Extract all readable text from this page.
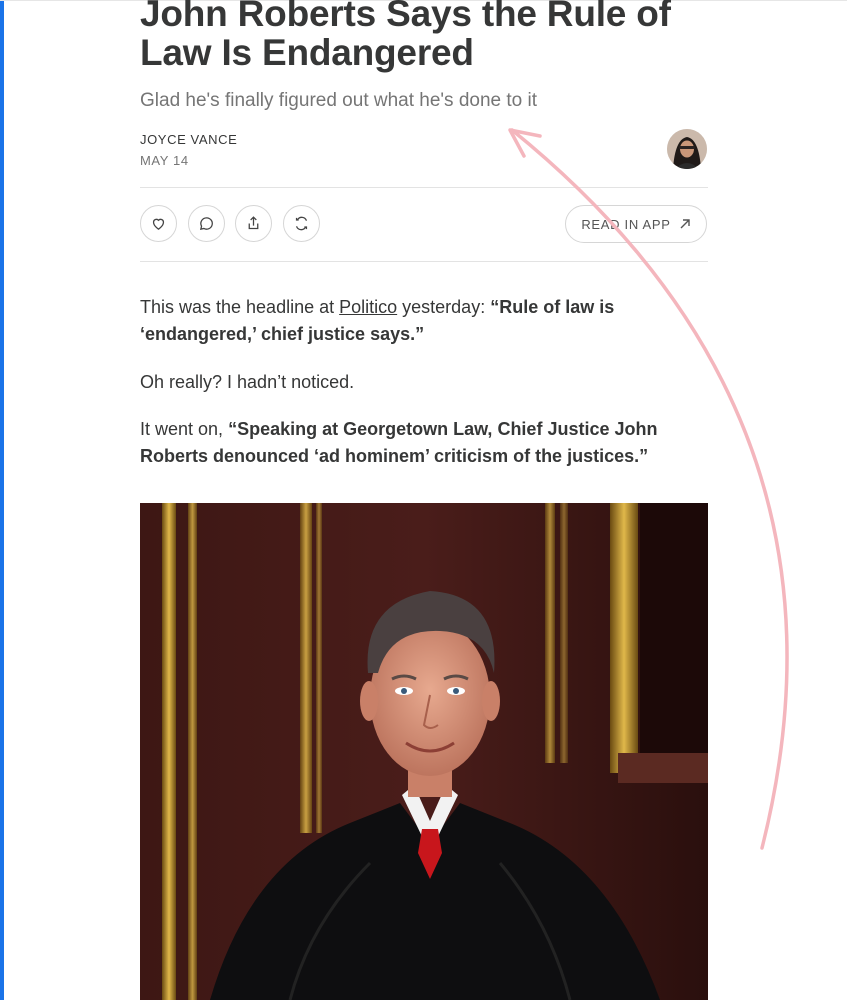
John Roberts Says the Rule of Law Is Endangered
Glad he's finally figured out what he's done to it
JOYCE VANCE
MAY 14
READ IN APP

This was the headline at Politico yesterday: “Rule of law is ‘endangered,’ chief justice says.”

Oh really? I hadn’t noticed.

It went on, “Speaking at Georgetown Law, Chief Justice John Roberts denounced ‘ad hominem’ criticism of the justices.”
